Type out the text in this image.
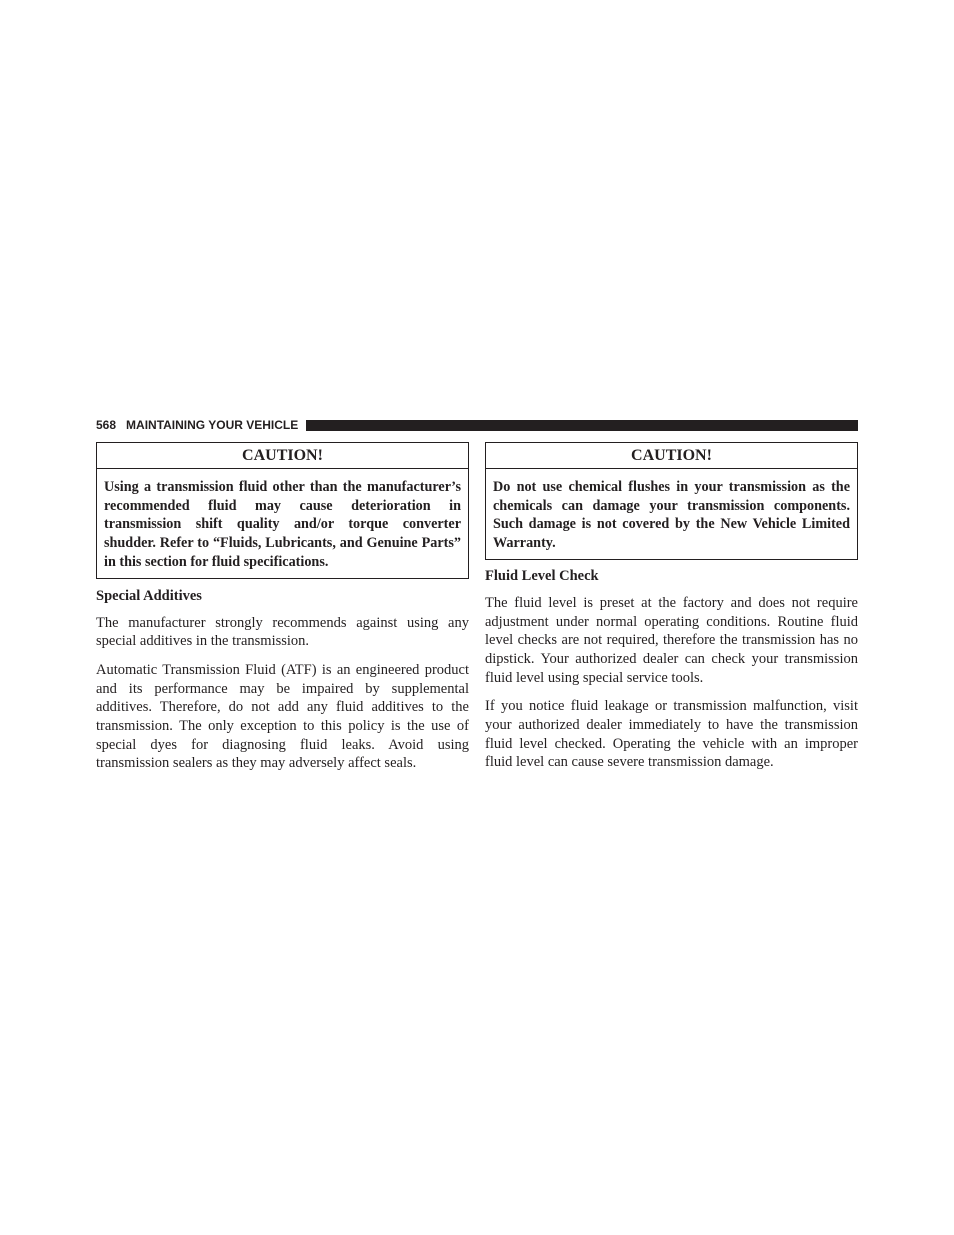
568 MAINTAINING YOUR VEHICLE
CAUTION!
Using a transmission fluid other than the manufacturer’s recommended fluid may cause deterioration in transmission shift quality and/or torque converter shudder. Refer to “Fluids, Lubricants, and Genuine Parts” in this section for fluid specifications.
Special Additives

The manufacturer strongly recommends against using any special additives in the transmission.

Automatic Transmission Fluid (ATF) is an engineered product and its performance may be impaired by supplemental additives. Therefore, do not add any fluid additives to the transmission. The only exception to this policy is the use of special dyes for diagnosing fluid leaks. Avoid using transmission sealers as they may adversely affect seals.

CAUTION!
Do not use chemical flushes in your transmission as the chemicals can damage your transmission components. Such damage is not covered by the New Vehicle Limited Warranty.
Fluid Level Check

The fluid level is preset at the factory and does not require adjustment under normal operating conditions. Routine fluid level checks are not required, therefore the transmission has no dipstick. Your authorized dealer can check your transmission fluid level using special service tools.

If you notice fluid leakage or transmission malfunction, visit your authorized dealer immediately to have the transmission fluid level checked. Operating the vehicle with an improper fluid level can cause severe transmission damage.
